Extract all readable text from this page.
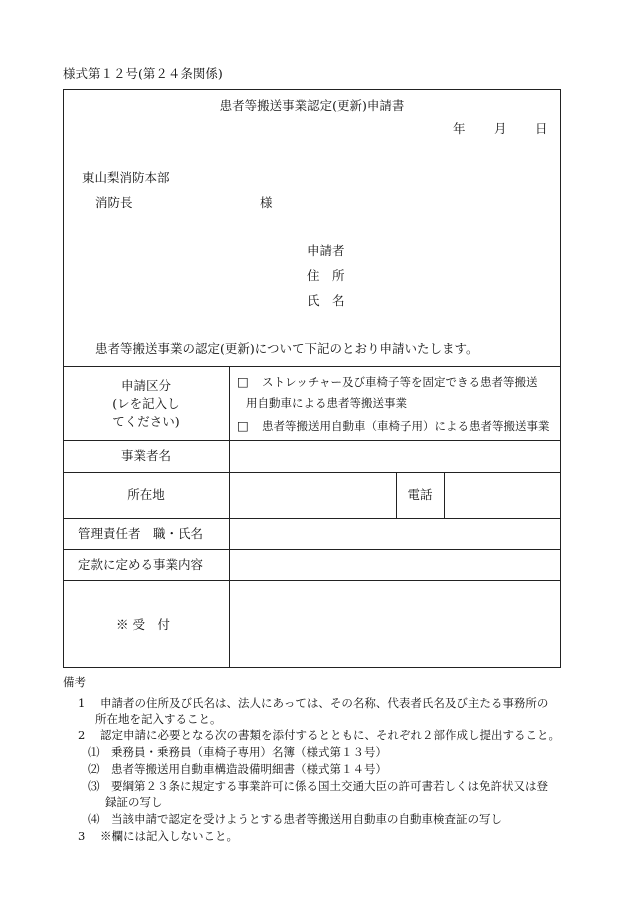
様式第１２号(第２４条関係)
患者等搬送事業認定(更新)申請書
年 月 日
東山梨消防本部
消防長	様
申請者
住　所
氏　名
患者等搬送事業の認定(更新)について下記のとおり申請いたします。
申請区分
(レを記入し
てください)
□ ストレッチャー及び車椅子等を固定できる患者等搬送
用自動車による患者等搬送事業
□ 患者等搬送用自動車（車椅子用）による患者等搬送事業
事業者名
所在地	電話
管理責任者　職・氏名
定款に定める事業内容
※ 受　付
備考
1 申請者の住所及び氏名は、法人にあっては、その名称、代表者氏名及び主たる事務所の
所在地を記入すること。
2 認定申請に必要となる次の書類を添付するとともに、それぞれ２部作成し提出すること。
⑴ 乗務員・乗務員（車椅子専用）名簿（様式第１３号）
⑵ 患者等搬送用自動車構造設備明細書（様式第１４号）
⑶ 要綱第２３条に規定する事業許可に係る国土交通大臣の許可書若しくは免許状又は登
録証の写し
⑷ 当該申請で認定を受けようとする患者等搬送用自動車の自動車検査証の写し
3 ※欄には記入しないこと。
